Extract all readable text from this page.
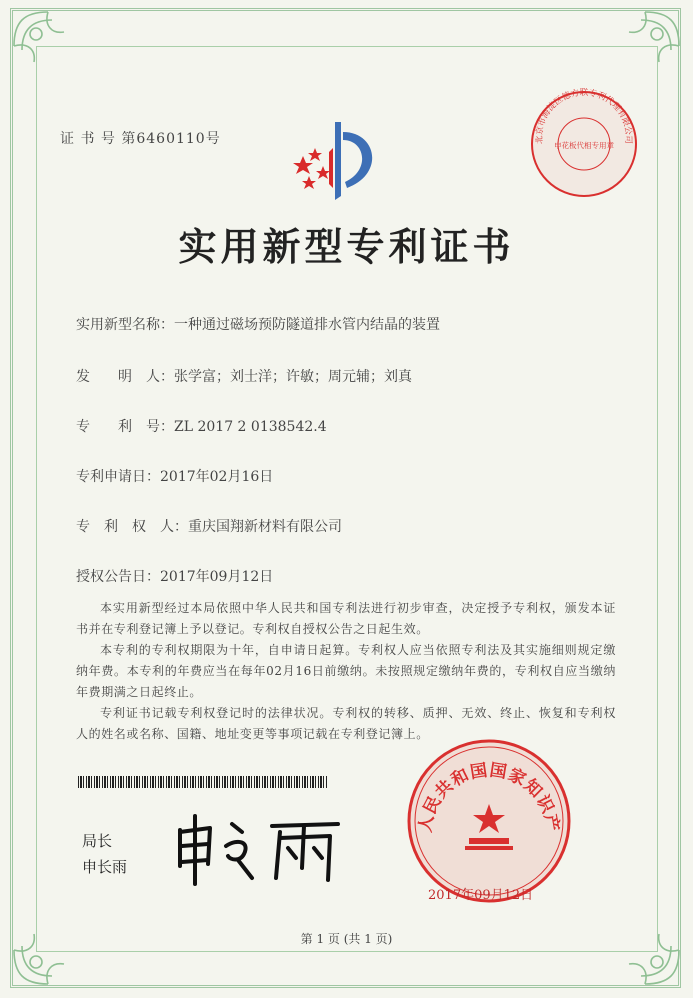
证 书 号 第6460110号
实用新型专利证书
实用新型名称：一种通过磁场预防隧道排水管内结晶的装置
发　　明　人：张学富；刘士洋；许敏；周元辅；刘真
专　　利　号：ZL 2017 2 0138542.4
专利申请日：2017年02月16日
专　利　权　人：重庆国翔新材料有限公司
授权公告日：2017年09月12日

本实用新型经过本局依照中华人民共和国专利法进行初步审查，决定授予专利权，颁发本证书并在专利登记簿上予以登记。专利权自授权公告之日起生效。

本专利的专利权期限为十年，自申请日起算。专利权人应当依照专利法及其实施细则规定缴纳年费。本专利的年费应当在每年02月16日前缴纳。未按照规定缴纳年费的，专利权自应当缴纳年费期满之日起终止。

专利证书记载专利权登记时的法律状况。专利权的转移、质押、无效、终止、恢复和专利权人的姓名或名称、国籍、地址变更等事项记载在专利登记簿上。

局长
申长雨
人民共和国国家知识产
2017年09月12日
北京市海淀区德方联专利代理有限公司
申花板代相专用章
第 1 页 (共 1 页)
